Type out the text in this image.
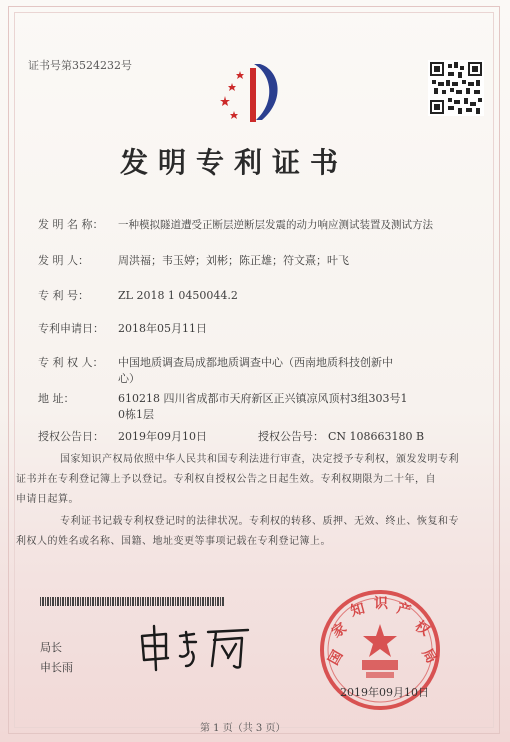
证书号第3524232号
发明专利证书
发 明 名 称： 一种模拟隧道遭受正断层逆断层发震的动力响应测试装置及测试方法
发 明 人：	周洪福；韦玉婷；刘彬；陈正雄；符文熹；叶飞
专 利 号：	ZL 2018 1 0450044.2
专利申请日： 2018年05月11日
专 利 权 人： 中国地质调查局成都地质调查中心（西南地质科技创新中
心）
地 址：	610218 四川省成都市天府新区正兴镇凉风顶村3组303号1
0栋1层
授权公告日： 2019年09月10日	授权公告号： CN 108663180 B
国家知识产权局依照中华人民共和国专利法进行审查，决定授予专利权，颁发发明专利
证书并在专利登记簿上予以登记。专利权自授权公告之日起生效。专利权期限为二十年，自
申请日起算。
专利证书记载专利权登记时的法律状况。专利权的转移、质押、无效、终止、恢复和专
利权人的姓名或名称、国籍、地址变更等事项记载在专利登记簿上。
局长
申长雨	国
家
知 识 产
权
局
2019年09月10日
第 1 页（共 3 页）
